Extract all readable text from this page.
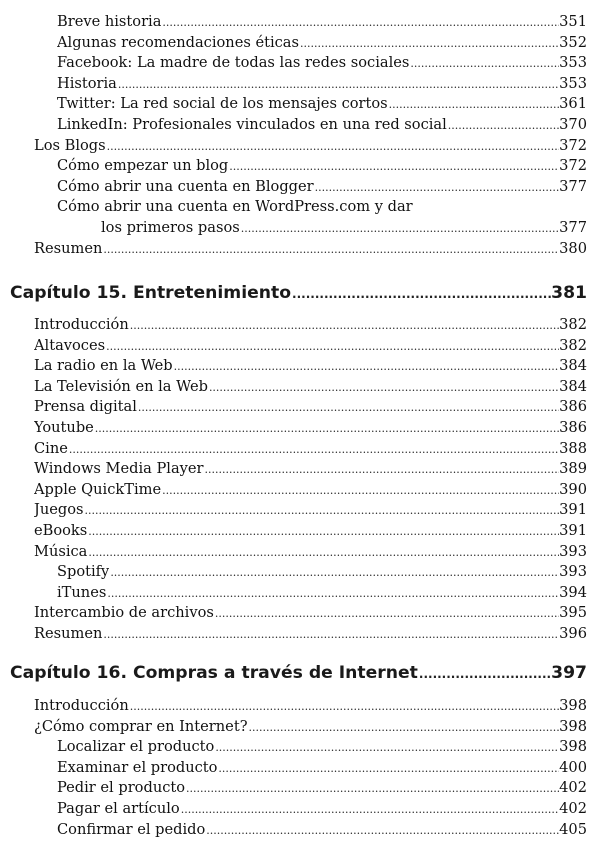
Breve historia .....	351
Algunas recomendaciones éticas .....	352
Facebook: La madre de todas las redes sociales .....	353
Historia .....	353
Twitter: La red social de los mensajes cortos .....	361
LinkedIn: Profesionales vinculados en una red social .....	370
Los Blogs .....	372
Cómo empezar un blog .....	372
Cómo abrir una cuenta en Blogger .....	377
Cómo abrir una cuenta en WordPress.com y dar
los primeros pasos .....	377
Resumen .....	380
Capítulo 15. Entretenimiento .....	381
Introducción .....	382
Altavoces .....	382
La radio en la Web .....	384
La Televisión en la Web .....	384
Prensa digital .....	386
Youtube .....	386
Cine .....	388
Windows Media Player .....	389
Apple QuickTime .....	390
Juegos .....	391
eBooks .....	391
Música .....	393
Spotify .....	393
iTunes .....	394
Intercambio de archivos .....	395
Resumen .....	396
Capítulo 16. Compras a través de Internet .....	397
Introducción .....	398
¿Cómo comprar en Internet? .....	398
Localizar el producto .....	398
Examinar el producto .....	400
Pedir el producto .....	402
Pagar el artículo .....	402
Confirmar el pedido .....	405
